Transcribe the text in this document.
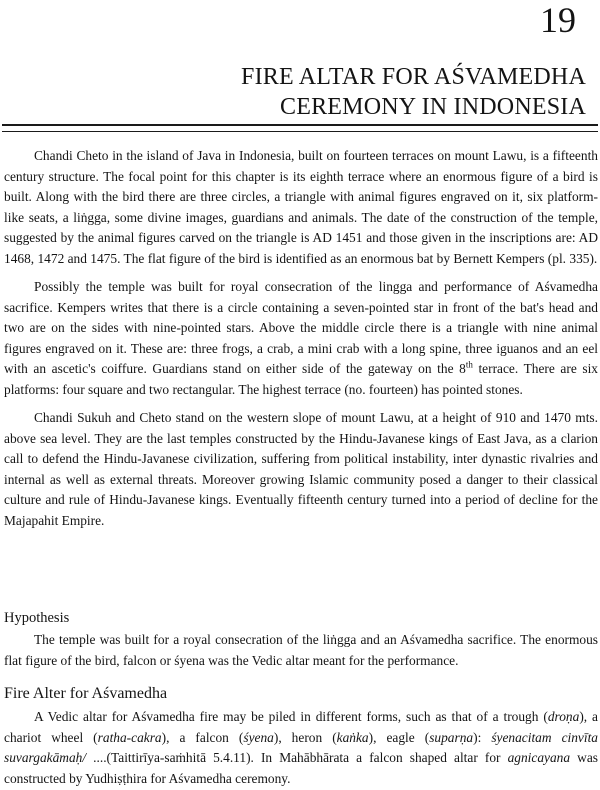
19
FIRE ALTAR FOR AŚVAMEDHA
CEREMONY IN INDONESIA

Chandi Cheto in the island of Java in Indonesia, built on fourteen terraces on mount Lawu, is a fifteenth century structure. The focal point for this chapter is its eighth terrace where an enormous figure of a bird is built. Along with the bird there are three circles, a triangle with animal figures engraved on it, six platform-like seats, a liṅgga, some divine images, guardians and animals. The date of the construction of the temple, suggested by the animal figures carved on the triangle is AD 1451 and those given in the inscriptions are: AD 1468, 1472 and 1475. The flat figure of the bird is identified as an enormous bat by Bernett Kempers (pl. 335).

Possibly the temple was built for royal consecration of the lingga and performance of Aśvamedha sacrifice. Kempers writes that there is a circle containing a seven-pointed star in front of the bat's head and two are on the sides with nine-pointed stars. Above the middle circle there is a triangle with nine animal figures engraved on it. These are: three frogs, a crab, a mini crab with a long spine, three iguanos and an eel with an ascetic's coiffure. Guardians stand on either side of the gateway on the 8th terrace. There are six platforms: four square and two rectangular. The highest terrace (no. fourteen) has pointed stones.

Chandi Sukuh and Cheto stand on the western slope of mount Lawu, at a height of 910 and 1470 mts. above sea level. They are the last temples constructed by the Hindu-Javanese kings of East Java, as a clarion call to defend the Hindu-Javanese civilization, suffering from political instability, inter dynastic rivalries and internal as well as external threats. Moreover growing Islamic community posed a danger to their classical culture and rule of Hindu-Javanese kings. Eventually fifteenth century turned into a period of decline for the Majapahit Empire.

Hypothesis

The temple was built for a royal consecration of the liṅgga and an Aśvamedha sacrifice. The enormous flat figure of the bird, falcon or śyena was the Vedic altar meant for the performance.

Fire Alter for Aśvamedha

A Vedic altar for Aśvamedha fire may be piled in different forms, such as that of a trough (droṇa), a chariot wheel (ratha-cakra), a falcon (śyena), heron (kaṅka), eagle (suparṇa): śyenacitam cinvīta suvargakāmaḥ/ ....(Taittirīya-saṁhitā 5.4.11). In Mahābhārata a falcon shaped altar for agnicayana was constructed by Yudhiṣṭhira for Aśvamedha ceremony.
